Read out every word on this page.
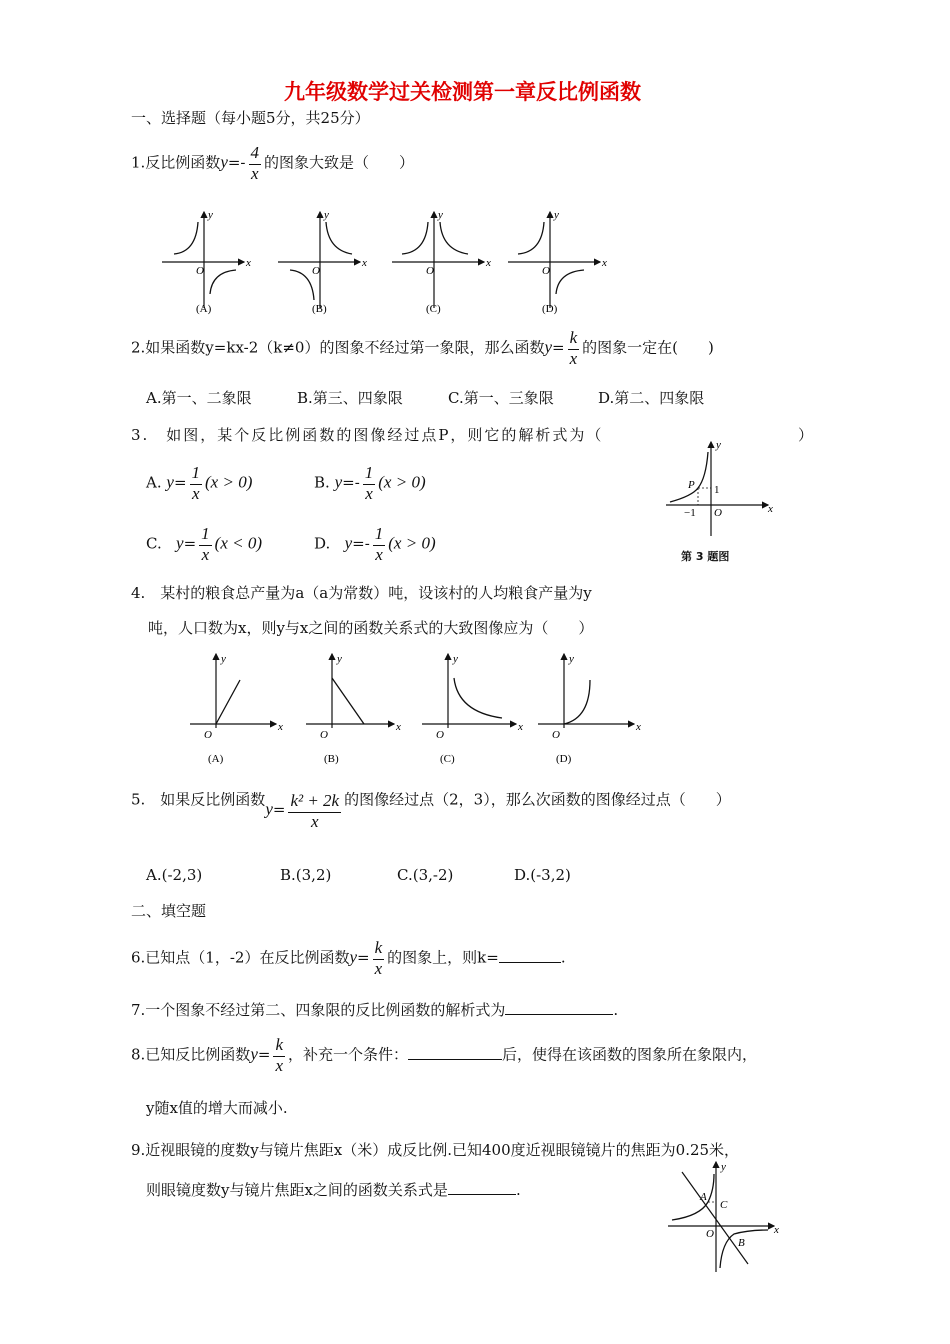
九年级数学过关检测第一章反比例函数
一、选择题（每小题5分，共25分）
1.反比例函数$y=- \frac{4}{x}$ 的图象大致是（　　）
O
x
y
(A)
O
x
y
(B)
O
x
y
(C)
O
x
y
(D)
2.如果函数y=kx-2（k≠0）的图象不经过第一象限，那么函数$y= \frac{k}{x}$ 的图象一定在(　　)
A.第一、二象限	B.第三、四象限	C.第一、三象限	D.第二、四象限
3.　如图，某个反比例函数的图像经过点P，则它的解析式为（	）
A. $y= \frac{1}{x} (x > 0)$	B. $y=- \frac{1}{x} (x > 0)$
C. $y= \frac{1}{x} (x < 0)$	D. $y=- \frac{1}{x} (x > 0)$
P 1
−1 O	x
y
第 3 题图
4.　某村的粮食总产量为a（a为常数）吨，设该村的人均粮食产量为y
吨，人口数为x，则y与x之间的函数关系式的大致图像应为（　　）
O
x
y
(A)
O
x
y
(B)
O
x
y
(C)
O
x
y
(D)
5.　如果反比例函数$y= \frac{\text{k² + 2k}}{x}$ 的图像经过点（2，3），那么次函数的图像经过点（　　）
A.(-2,3)	B.(3,2)	C.(3,-2)	D.(-3,2)
二、填空题
6.已知点（1，-2）在反比例函数$y= \frac{k}{x}$ 的图象上，则k=	.
7.一个图象不经过第二、四象限的反比例函数的解析式为	.
8.已知反比例函数$y= \frac{k}{x}$ ，补充一个条件：	后，使得在该函数的图象所在象限内，
y随x值的增大而减小.
9.近视眼镜的度数y与镜片焦距x（米）成反比例.已知400度近视眼镜镜片的焦距为0.25米，
则眼镜度数y与镜片焦距x之间的函数关系式是	.	A
C
B
O	x
y
